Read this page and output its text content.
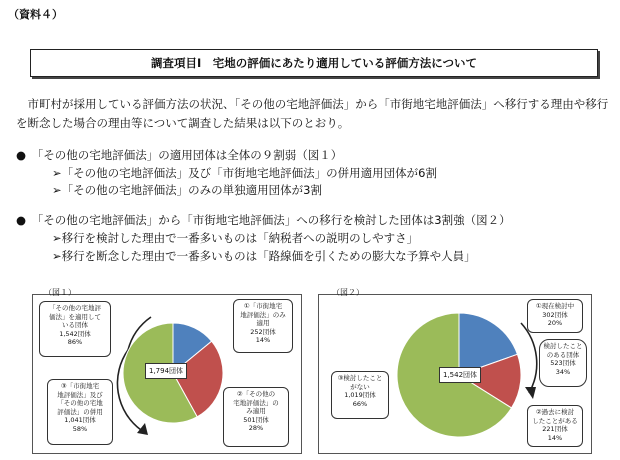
（資料４）
調査項目Ⅰ　宅地の評価にあたり適用している評価方法について
市町村が採用している評価方法の状況、「その他の宅地評価法」から「市街地宅地評価法」へ移行する理由や移行を断念した場合の理由等について調査した結果は以下のとおり。
●　「その他の宅地評価法」の適用団体は全体の９割弱（図１）
➢「その他の宅地評価法」及び「市街地宅地評価法」の併用適用団体が6割
➢「その他の宅地評価法」のみの単独適用団体が3割
●　「その他の宅地評価法」から「市街地宅地評価法」への移行を検討した団体は3割強（図２）
➢移行を検討した理由で一番多いものは「納税者への説明のしやすさ」
➢移行を断念した理由で一番多いものは「路線価を引くための膨大な予算や人員」
1,794団体
①「市街地宅
地評価法」のみ
適用
252団体
14%
②「その他の
宅地評価法」の
み適用
501団体
28%
③「市街地宅
地評価法」及び
「その他の宅地
評価法」の併用
1,041団体
58%
「その他の宅地評
価法」を適用して
いる団体
1,542団体
86%
（図１）
1,542団体
①現在検討中
302団体
20%
検討したこと
のある団体
523団体
34%
②過去に検討
したことがある
221団体
14%
③検討したこと
がない
1,019団体
66%
（図２）
